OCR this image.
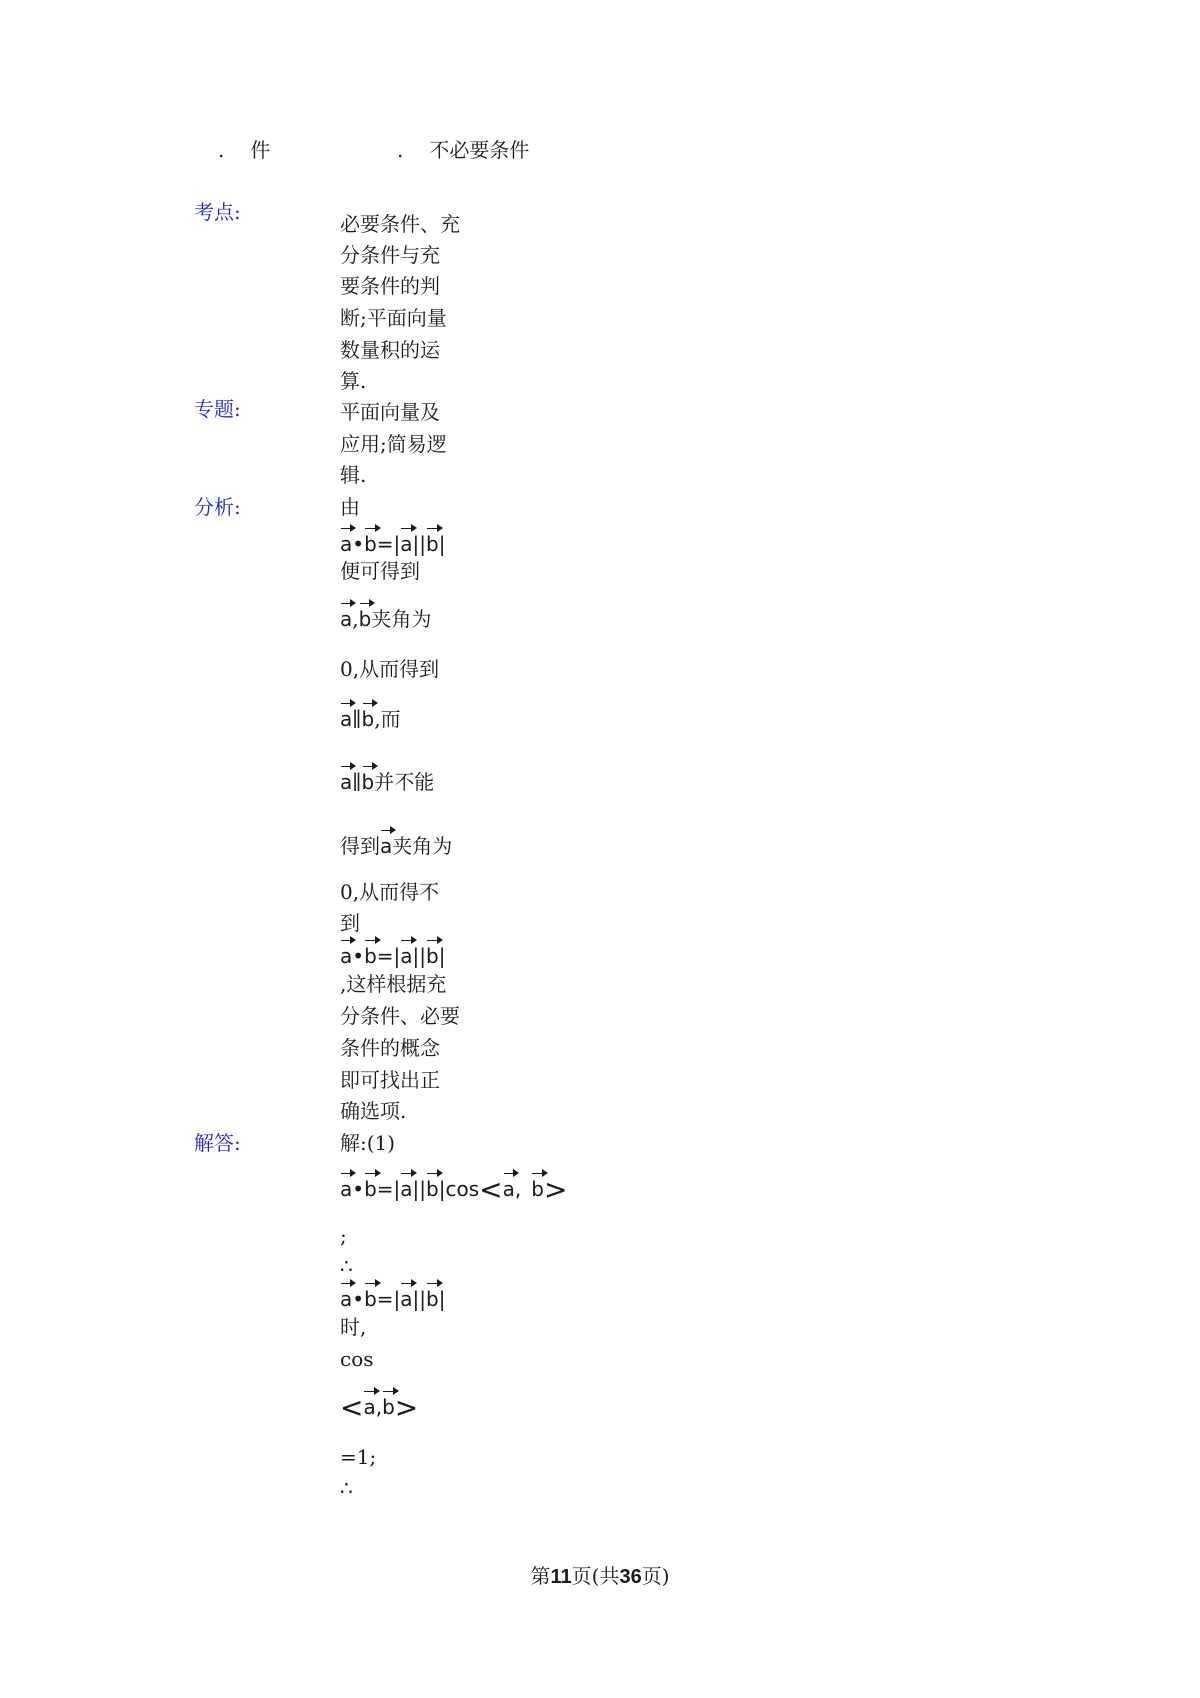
. 件	. 不必要条件
考点:
专题:
分析:
解答:
必要条件、充
分条件与充
要条件的判
断;平面向量
数量积的运
算.
平面向量及
应用;简易逻
辑.
由
a•b=|a||b|
便可得到
a,b夹角为
0,从而得到
a∥b,而
a∥b并不能
得到a夹角为
0,从而得不
到
a•b=|a||b|
,这样根据充
分条件、必要
条件的概念
即可找出正
确选项.
解:(1)
a•b=|a||b|cos<a, b>
;
∴
a•b=|a||b|
时,
cos
<a,b>
=1;
∴
第11页(共36页)
